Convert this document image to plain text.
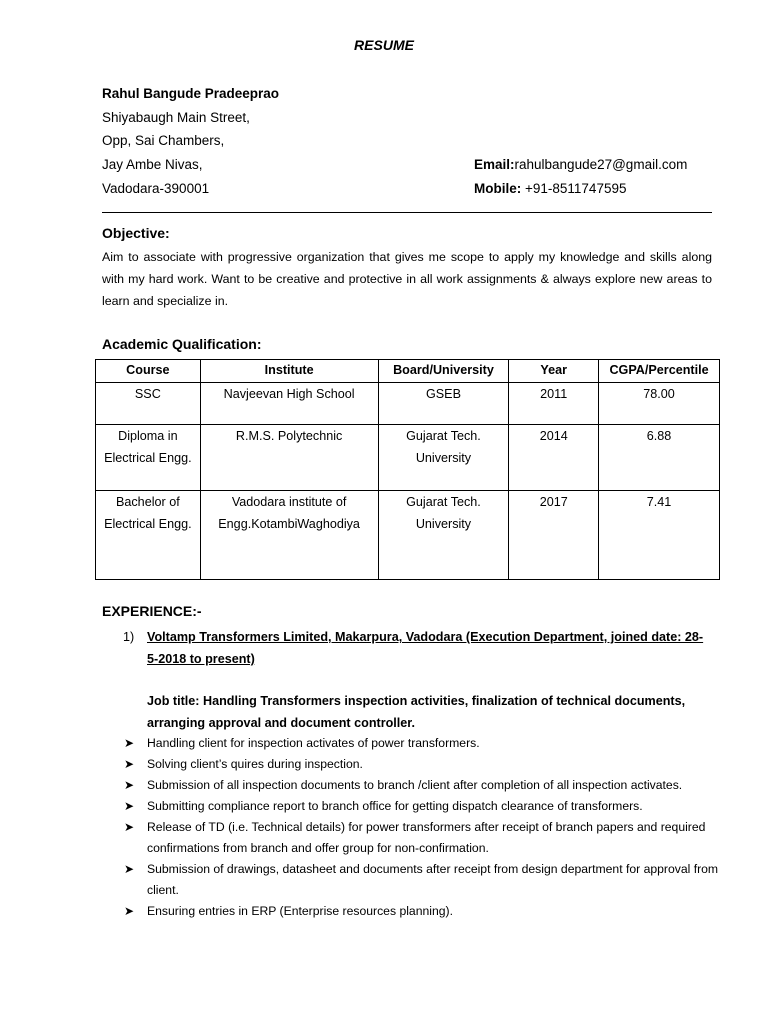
RESUME
Rahul Bangude Pradeeprao
Shiyabaugh Main Street,
Opp, Sai Chambers,
Jay Ambe Nivas,
Vadodara-390001
Email:rahulbangude27@gmail.com
Mobile: +91-8511747595
Objective:
Aim to associate with progressive organization that gives me scope to apply my knowledge and skills along with my hard work. Want to be creative and protective in all work assignments & always explore new areas to learn and specialize in.
Academic Qualification:
Course	Institute	Board/University	Year	CGPA/Percentile
SSC	Navjeevan High School	GSEB	2011	78.00
Diploma in Electrical Engg.	R.M.S. Polytechnic	Gujarat Tech. University	2014	6.88
Bachelor of Electrical Engg.	Vadodara institute of Engg.KotambiWaghodiya	Gujarat Tech. University	2017	7.41
EXPERIENCE:-
1) Voltamp Transformers Limited, Makarpura, Vadodara (Execution Department, joined date: 28-5-2018 to present)
Job title: Handling Transformers inspection activities, finalization of technical documents, arranging approval and document controller.
➤ Handling client for inspection activates of power transformers.
➤ Solving client’s quires during inspection.
➤ Submission of all inspection documents to branch /client after completion of all inspection activates.
➤ Submitting compliance report to branch office for getting dispatch clearance of transformers.
➤ Release of TD (i.e. Technical details) for power transformers after receipt of branch papers and required confirmations from branch and offer group for non-confirmation.
➤ Submission of drawings, datasheet and documents after receipt from design department for approval from client.
➤ Ensuring entries in ERP (Enterprise resources planning).
